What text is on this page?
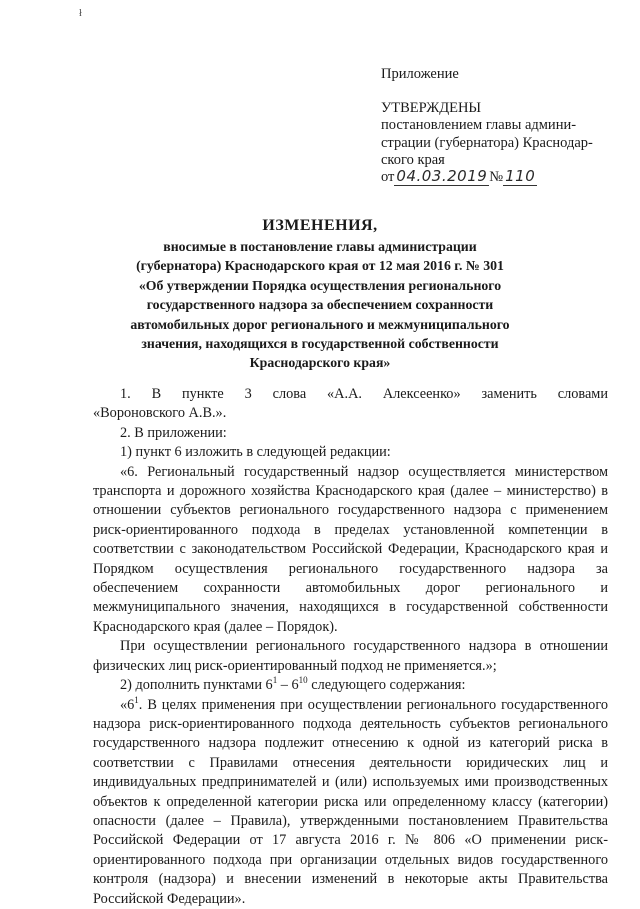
ł
Приложение
УТВЕРЖДЕНЫ
постановлением главы админи-
страции (губернатора) Краснодар-
ского края
от 04.03.2019 № 110
ИЗМЕНЕНИЯ,
вносимые в постановление главы администрации
(губернатора) Краснодарского края от 12 мая 2016 г. № 301
«Об утверждении Порядка осуществления регионального
государственного надзора за обеспечением сохранности
автомобильных дорог регионального и межмуниципального
значения, находящихся в государственной собственности
Краснодарского края»

1. В пункте 3 слова «А.А. Алексеенко» заменить словами

«Вороновского А.В.».

2. В приложении:

1) пункт 6 изложить в следующей редакции:

«6. Региональный государственный надзор осуществляется министерством транспорта и дорожного хозяйства Краснодарского края (далее – министерство) в отношении субъектов регионального государственного надзора с применением риск-ориентированного подхода в пределах установленной компетенции в соответствии с законодательством Российской Федерации, Краснодарского края и Порядком осуществления регионального государственного надзора за обеспечением сохранности автомобильных дорог регионального и межмуниципального значения, находящихся в государственной собственности Краснодарского края (далее – Порядок).

При осуществлении регионального государственного надзора в отношении физических лиц риск-ориентированный подход не применяется.»;

2) дополнить пунктами $6^1 - 6^{10}$ следующего содержания:

«$6^1$. В целях применения при осуществлении регионального государственного надзора риск-ориентированного подхода деятельность субъектов регионального государственного надзора подлежит отнесению к одной из категорий риска в соответствии с Правилами отнесения деятельности юридических лиц и индивидуальных предпринимателей и (или) используемых ими производственных объектов к определенной категории риска или определенному классу (категории) опасности (далее – Правила), утвержденными постановлением Правительства Российской Федерации от 17 августа 2016 г. № 806 «О применении риск-ориентированного подхода при организации отдельных видов государственного контроля (надзора) и внесении изменений в некоторые акты Правительства Российской Федерации».
